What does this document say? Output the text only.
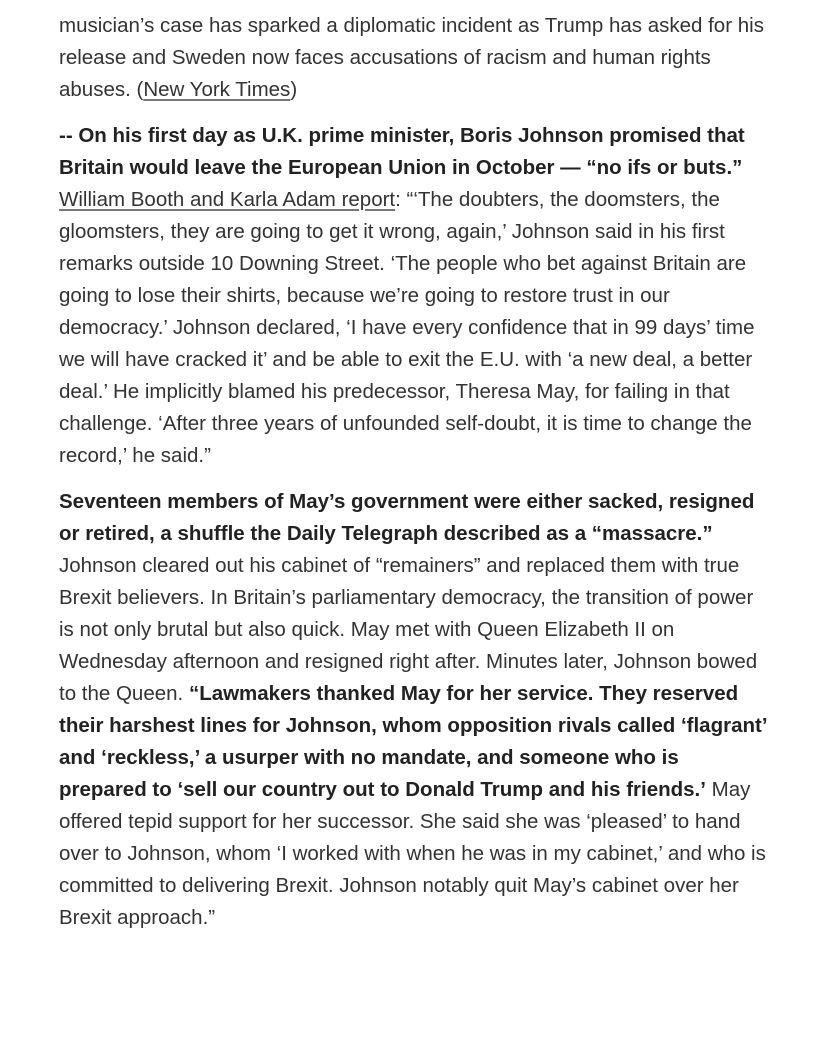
musician’s case has sparked a diplomatic incident as Trump has asked for his release and Sweden now faces accusations of racism and human rights abuses. (New York Times)

-- On his first day as U.K. prime minister, Boris Johnson promised that Britain would leave the European Union in October — “no ifs or buts.” William Booth and Karla Adam report: “‘The doubters, the doomsters, the gloomsters, they are going to get it wrong, again,’ Johnson said in his first remarks outside 10 Downing Street. ‘The people who bet against Britain are going to lose their shirts, because we’re going to restore trust in our democracy.’ Johnson declared, ‘I have every confidence that in 99 days’ time we will have cracked it’ and be able to exit the E.U. with ‘a new deal, a better deal.’ He implicitly blamed his predecessor, Theresa May, for failing in that challenge. ‘After three years of unfounded self-doubt, it is time to change the record,’ he said.”

Seventeen members of May’s government were either sacked, resigned or retired, a shuffle the Daily Telegraph described as a “massacre.” Johnson cleared out his cabinet of “remainers” and replaced them with true Brexit believers. In Britain’s parliamentary democracy, the transition of power is not only brutal but also quick. May met with Queen Elizabeth II on Wednesday afternoon and resigned right after. Minutes later, Johnson bowed to the Queen. “Lawmakers thanked May for her service. They reserved their harshest lines for Johnson, whom opposition rivals called ‘flagrant’ and ‘reckless,’ a usurper with no mandate, and someone who is prepared to ‘sell our country out to Donald Trump and his friends.’ May offered tepid support for her successor. She said she was ‘pleased’ to hand over to Johnson, whom ‘I worked with when he was in my cabinet,’ and who is committed to delivering Brexit. Johnson notably quit May’s cabinet over her Brexit approach.”
